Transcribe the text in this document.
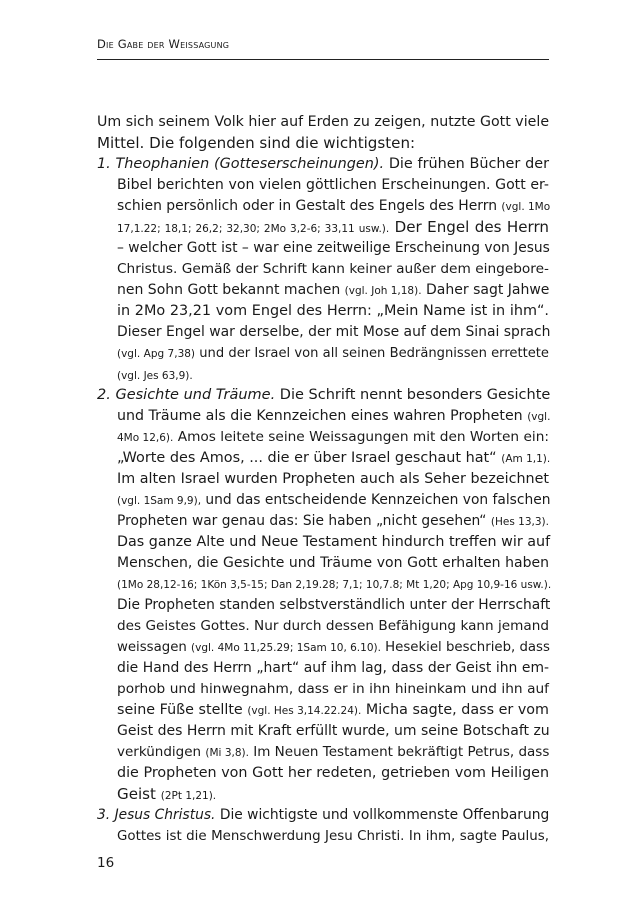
Die Gabe der Weissagung
Um sich seinem Volk hier auf Erden zu zeigen, nutzte Gott viele
Mittel. Die folgenden sind die wichtigsten:
1. Theophanien (Gotteserscheinungen). Die frühen Bücher der
Bibel berichten von vielen göttlichen Erscheinungen. Gott er-
schien persönlich oder in Gestalt des Engels des Herrn (vgl. 1Mo
17,1.22; 18,1; 26,2; 32,30; 2Mo 3,2-6; 33,11 usw.). Der Engel des Herrn
– welcher Gott ist – war eine zeitweilige Erscheinung von Jesus
Christus. Gemäß der Schrift kann keiner außer dem eingebore-
nen Sohn Gott bekannt machen (vgl. Joh 1,18). Daher sagt Jahwe
in 2Mo 23,21 vom Engel des Herrn: „Mein Name ist in ihm“.
Dieser Engel war derselbe, der mit Mose auf dem Sinai sprach
(vgl. Apg 7,38) und der Israel von all seinen Bedrängnissen errettete
(vgl. Jes 63,9).
2. Gesichte und Träume. Die Schrift nennt besonders Gesichte
und Träume als die Kennzeichen eines wahren Propheten (vgl.
4Mo 12,6). Amos leitete seine Weissagungen mit den Worten ein:
„Worte des Amos, ... die er über Israel geschaut hat“ (Am 1,1).
Im alten Israel wurden Propheten auch als Seher bezeichnet
(vgl. 1Sam 9,9), und das entscheidende Kennzeichen von falschen
Propheten war genau das: Sie haben „nicht gesehen“ (Hes 13,3).
Das ganze Alte und Neue Testament hindurch treffen wir auf
Menschen, die Gesichte und Träume von Gott erhalten haben
(1Mo 28,12-16; 1Kön 3,5-15; Dan 2,19.28; 7,1; 10,7.8; Mt 1,20; Apg 10,9-16 usw.).
Die Propheten standen selbstverständlich unter der Herrschaft
des Geistes Gottes. Nur durch dessen Befähigung kann jemand
weissagen (vgl. 4Mo 11,25.29; 1Sam 10, 6.10). Hesekiel beschrieb, dass
die Hand des Herrn „hart“ auf ihm lag, dass der Geist ihn em-
porhob und hinwegnahm, dass er in ihn hineinkam und ihn auf
seine Füße stellte (vgl. Hes 3,14.22.24). Micha sagte, dass er vom
Geist des Herrn mit Kraft erfüllt wurde, um seine Botschaft zu
verkündigen (Mi 3,8). Im Neuen Testament bekräftigt Petrus, dass
die Propheten von Gott her redeten, getrieben vom Heiligen
Geist (2Pt 1,21).
3. Jesus Christus. Die wichtigste und vollkommenste Offenbarung
Gottes ist die Menschwerdung Jesu Christi. In ihm, sagte Paulus,
16
